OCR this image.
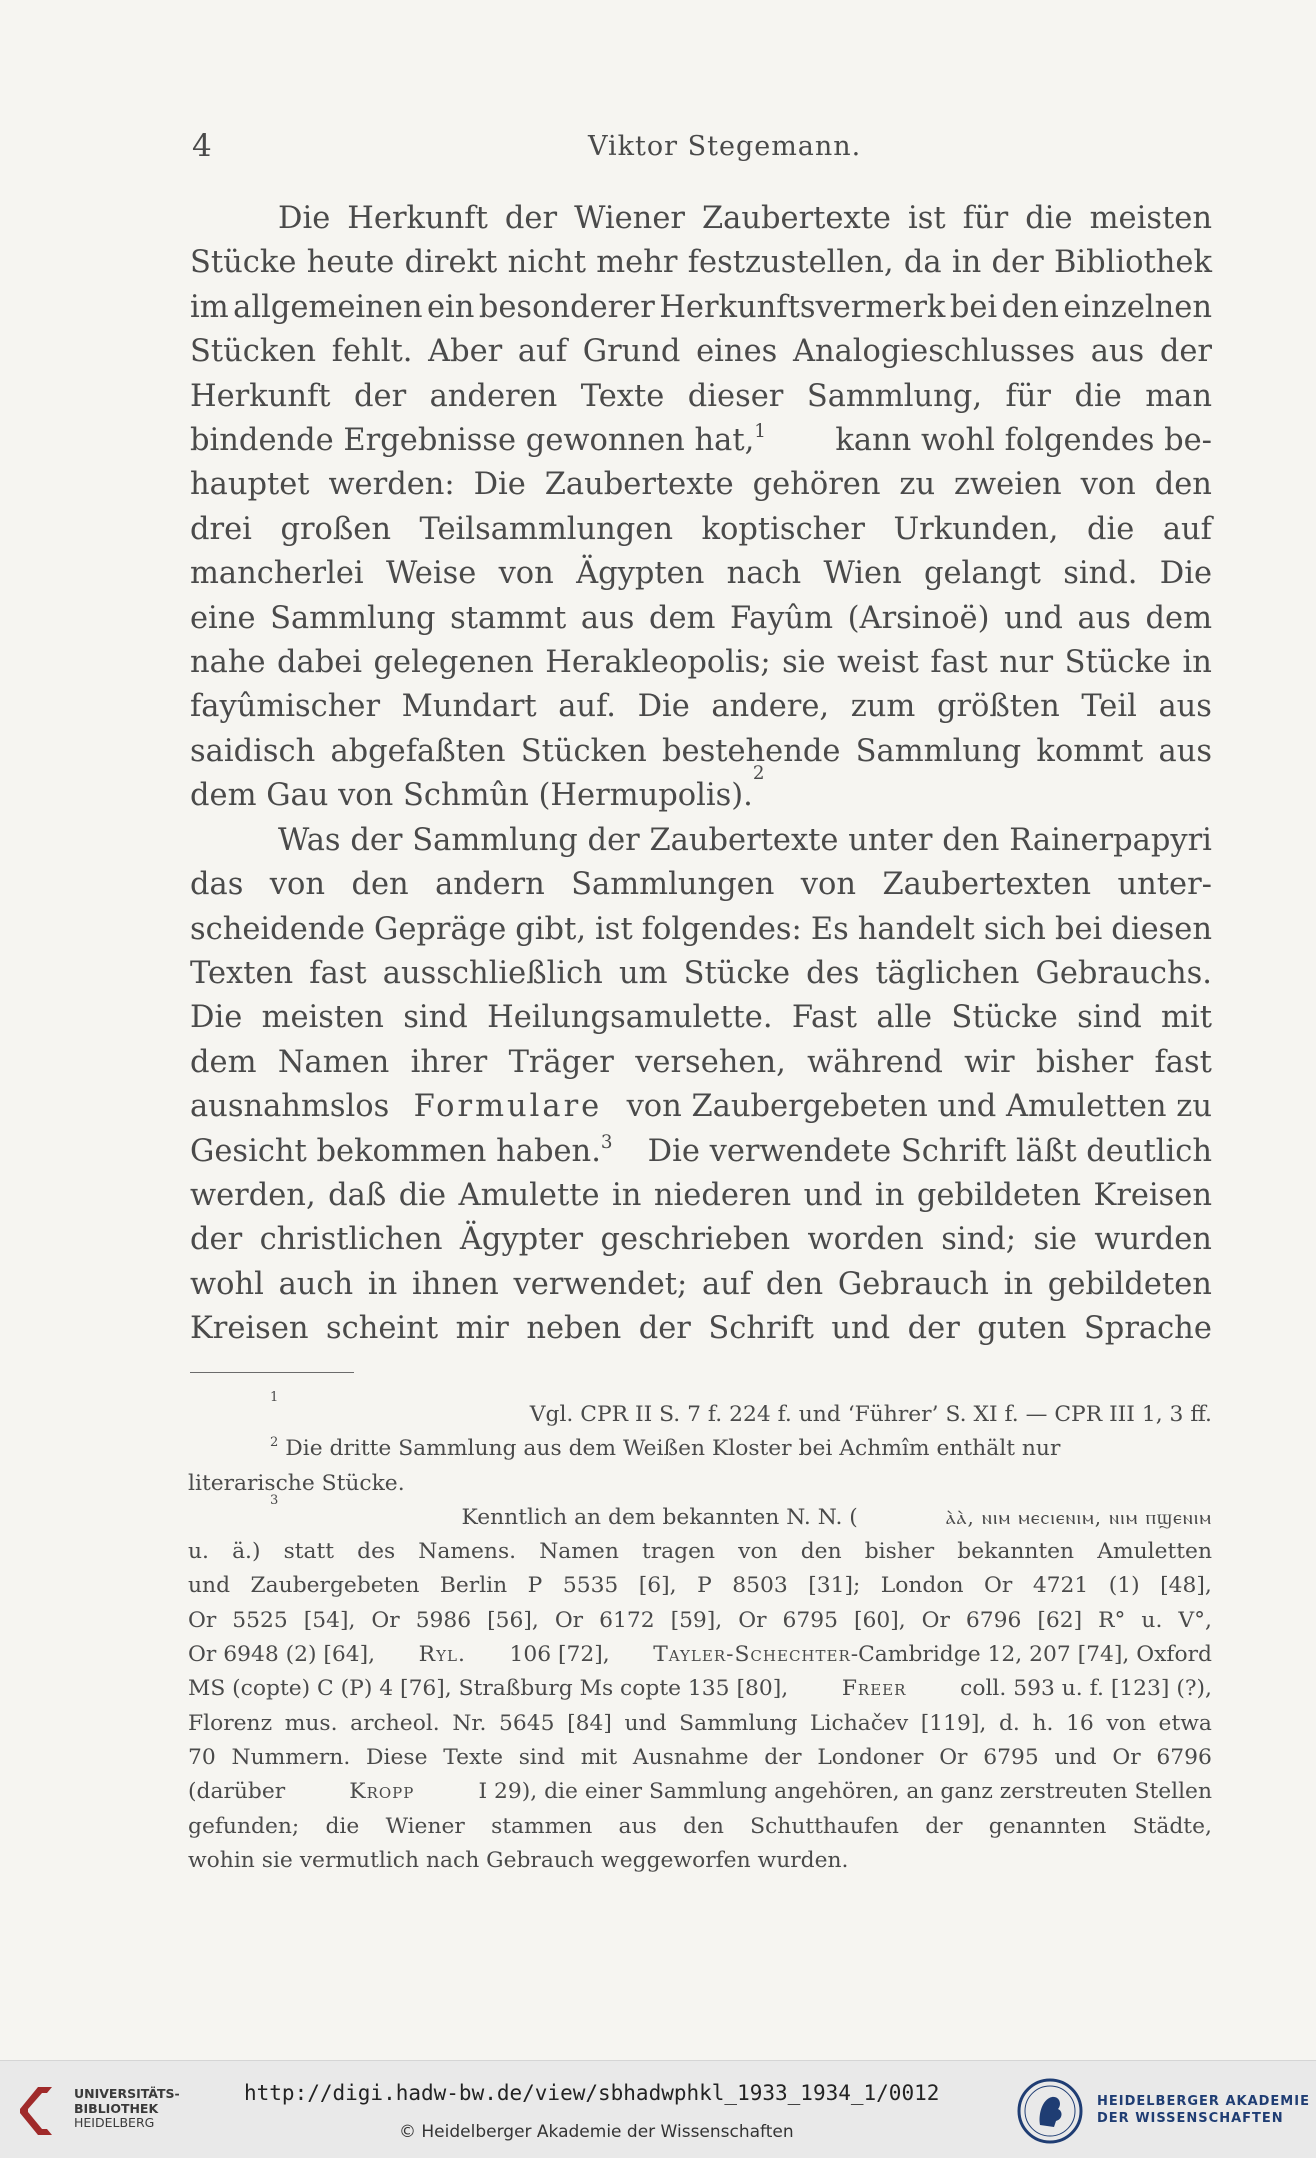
4	Viktor Stegemann.
Die Herkunft der Wiener Zaubertexte ist für die meisten
Stücke heute direkt nicht mehr festzustellen, da in der Bibliothek
im allgemeinen ein besonderer Herkunftsvermerk bei den einzelnen
Stücken fehlt. Aber auf Grund eines Analogieschlusses aus der
Herkunft der anderen Texte dieser Sammlung, für die man
bindende Ergebnisse gewonnen hat,$^1$ kann wohl folgendes be-
hauptet werden: Die Zaubertexte gehören zu zweien von den
drei großen Teilsammlungen koptischer Urkunden, die auf
mancherlei Weise von Ägypten nach Wien gelangt sind. Die
eine Sammlung stammt aus dem Fayûm (Arsinoë) und aus dem
nahe dabei gelegenen Herakleopolis; sie weist fast nur Stücke in
fayûmischer Mundart auf. Die andere, zum größten Teil aus
saidisch abgefaßten Stücken bestehende Sammlung kommt aus
dem Gau von Schmûn (Hermupolis).
2
Was der Sammlung der Zaubertexte unter den Rainerpapyri
das von den andern Sammlungen von Zaubertexten unter-
scheidende Gepräge gibt, ist folgendes: Es handelt sich bei diesen
Texten fast ausschließlich um Stücke des täglichen Gebrauchs.
Die meisten sind Heilungsamulette. Fast alle Stücke sind mit
dem Namen ihrer Träger versehen, während wir bisher fast
ausnahmslos Formulare von Zaubergebeten und Amuletten zu
Gesicht bekommen haben.$^3$ Die verwendete Schrift läßt deutlich
werden, daß die Amulette in niederen und in gebildeten Kreisen
der christlichen Ägypter geschrieben worden sind; sie wurden
wohl auch in ihnen verwendet; auf den Gebrauch in gebildeten
Kreisen scheint mir neben der Schrift und der guten Sprache
1

Vgl. CPR II S. 7 f. 224 f. und ‘Führer’ S. XI f. — CPR III 1, 3 ff.
$^2$ Die dritte Sammlung aus dem Weißen Kloster bei Achmîm enthält nur
literarische Stücke.
3

Kenntlich an dem bekannten N. N. (	ⲁ̀ⲁ̀, ⲛⲓⲙ ⲙⲉⲥⲓⲉⲛⲓⲙ, ⲛⲓⲙ ⲡϣⲉⲛⲓⲙ
u. ä.) statt des Namens. Namen tragen von den bisher bekannten Amuletten
und Zaubergebeten Berlin P 5535 [6], P 8503 [31]; London Or 4721 (1) [48],
Or 5525 [54], Or 5986 [56], Or 6172 [59], Or 6795 [60], Or 6796 [62] R° u. V°,
Or 6948 (2) [64], Ryl. 106 [72], Tayler-Schechter-Cambridge 12, 207 [74], Oxford
MS (copte) C (P) 4 [76], Straßburg Ms copte 135 [80], Freer coll. 593 u. f. [123] (?),
Florenz mus. archeol. Nr. 5645 [84] und Sammlung Lichačev [119], d. h. 16 von etwa
70 Nummern. Diese Texte sind mit Ausnahme der Londoner Or 6795 und Or 6796
(darüber	Kropp	I 29), die einer Sammlung angehören, an ganz zerstreuten Stellen
gefunden; die Wiener stammen aus den Schutthaufen der genannten Städte,
wohin sie vermutlich nach Gebrauch weggeworfen wurden.
UNIVERSITÄTS-
BIBLIOTHEK
HEIDELBERG
http://digi.hadw-bw.de/view/sbhadwphkl_1933_1934_1/0012
© Heidelberger Akademie der Wissenschaften
HEIDELBERGER AKADEMIE
DER WISSENSCHAFTEN
